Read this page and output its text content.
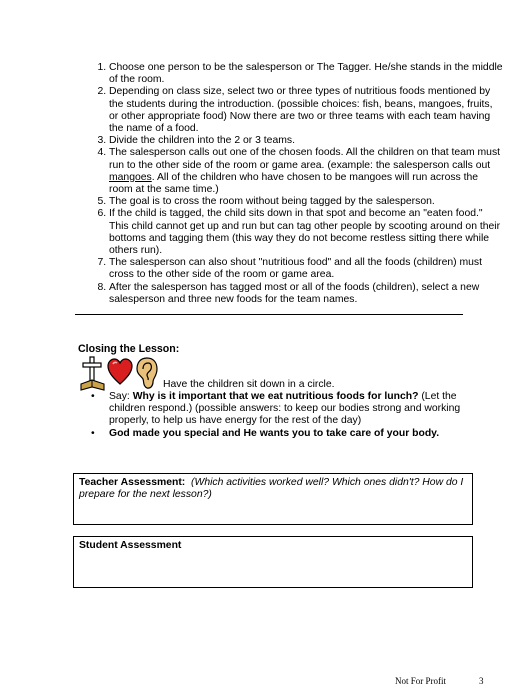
1. Choose one person to be the salesperson or The Tagger. He/she stands in the middle of the room.
2. Depending on class size, select two or three types of nutritious foods mentioned by the students during the introduction. (possible choices: fish, beans, mangoes, fruits, or other appropriate food) Now there are two or three teams with each team having the name of a food.
3. Divide the children into the 2 or 3 teams.
4. The salesperson calls out one of the chosen foods. All the children on that team must run to the other side of the room or game area. (example: the salesperson calls out mangoes. All of the children who have chosen to be mangoes will run across the room at the same time.)
5. The goal is to cross the room without being tagged by the salesperson.
6. If the child is tagged, the child sits down in that spot and become an "eaten food." This child cannot get up and run but can tag other people by scooting around on their bottoms and tagging them (this way they do not become restless sitting there while others run).
7. The salesperson can also shout "nutritious food" and all the foods (children) must cross to the other side of the room or game area.
8. After the salesperson has tagged most or all of the foods (children), select a new salesperson and three new foods for the team names.
Closing the Lesson:
Have the children sit down in a circle.
• Say: Why is it important that we eat nutritious foods for lunch? (Let the children respond.) (possible answers: to keep our bodies strong and working properly, to help us have energy for the rest of the day)
• God made you special and He wants you to take care of your body.
Teacher Assessment: (Which activities worked well? Which ones didn't? How do I prepare for the next lesson?)
Student Assessment
Not For Profit	3
